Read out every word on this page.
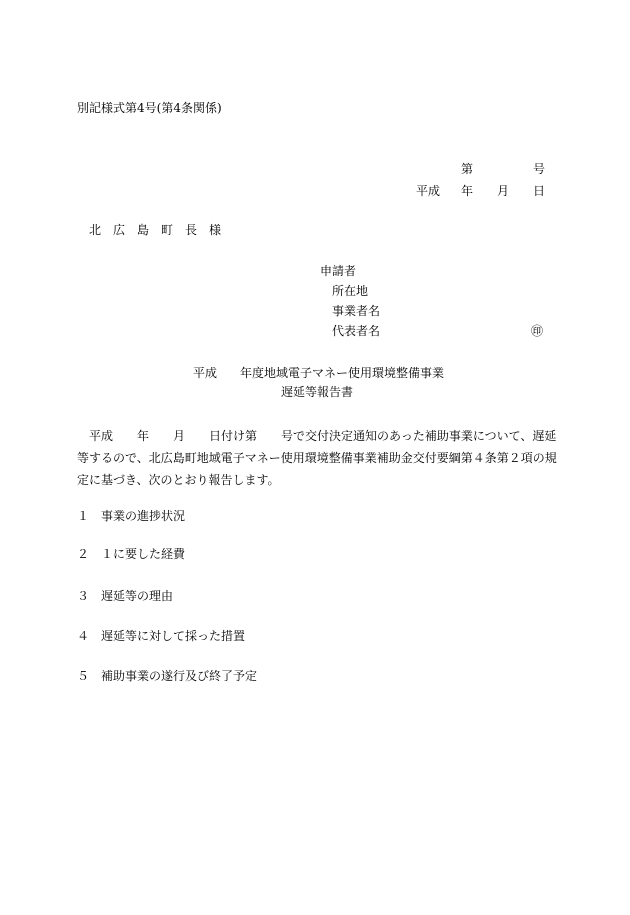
別記様式第4号(第4条関係)
第	号
平成 年 月 日
北　広　島　町　長　様
申請者
所在地
事業者名
代表者名	㊞
平成 年度地域電子マネー使用環境整備事業
遅延等報告書
平成　　年　　月　　日付け第　　号で交付決定通知のあった補助事業について、遅延
等するので、北広島町地域電子マネー使用環境整備事業補助金交付要綱第４条第２項の規
定に基づき、次のとおり報告します。
１ 事業の進捗状況
２ １に要した経費
３ 遅延等の理由
４ 遅延等に対して採った措置
５ 補助事業の遂行及び終了予定
